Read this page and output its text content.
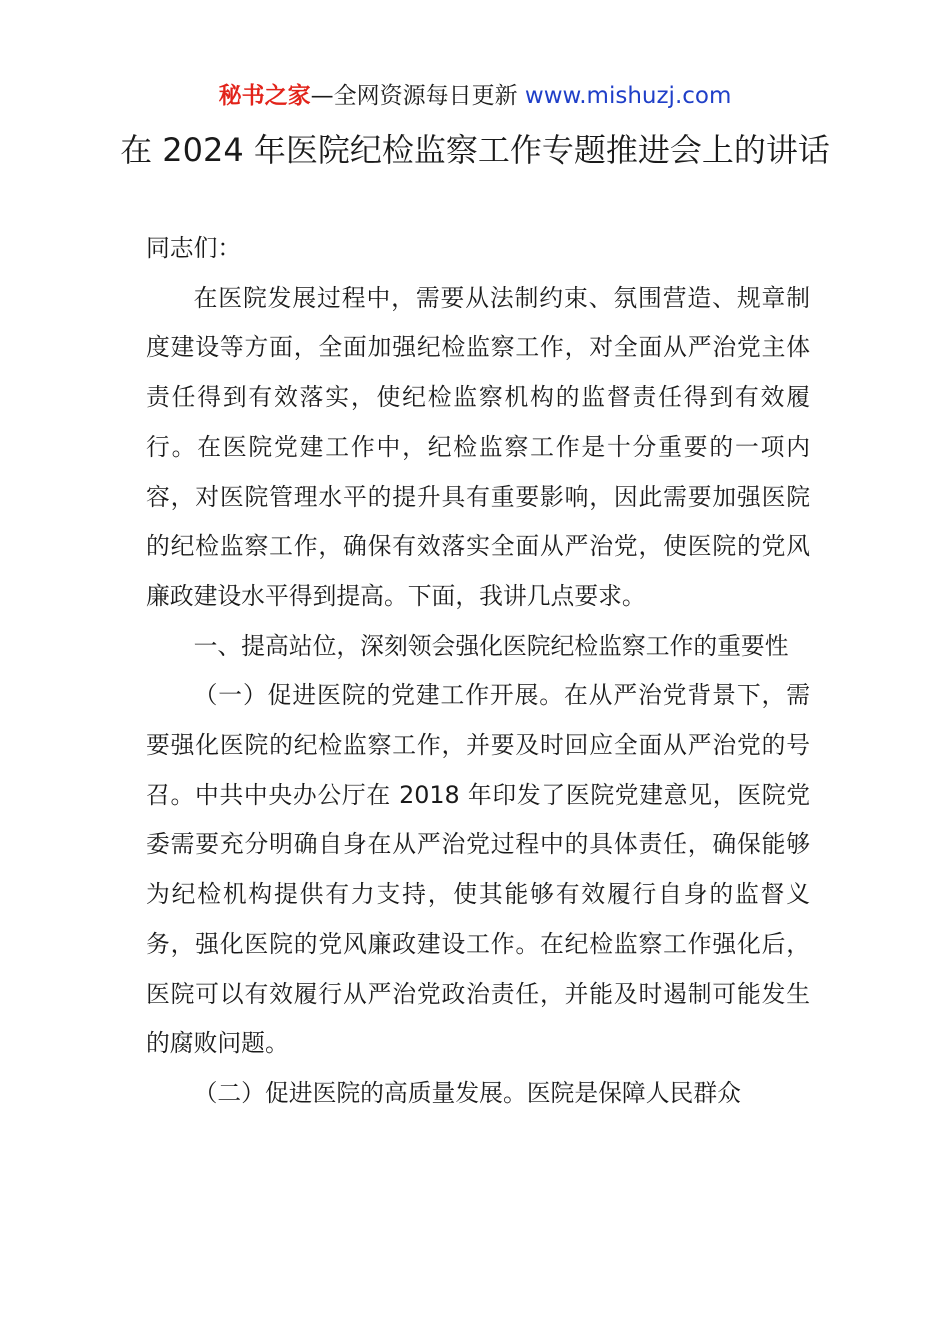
秘书之家—全网资源每日更新 www.mishuzj.com
在 2024 年医院纪检监察工作专题推进会上的讲话

同志们：

在医院发展过程中，需要从法制约束、氛围营造、规章制度建设等方面，全面加强纪检监察工作，对全面从严治党主体责任得到有效落实，使纪检监察机构的监督责任得到有效履行。在医院党建工作中，纪检监察工作是十分重要的一项内容，对医院管理水平的提升具有重要影响，因此需要加强医院的纪检监察工作，确保有效落实全面从严治党，使医院的党风廉政建设水平得到提高。下面，我讲几点要求。

一、提高站位，深刻领会强化医院纪检监察工作的重要性

（一）促进医院的党建工作开展。在从严治党背景下，需要强化医院的纪检监察工作，并要及时回应全面从严治党的号召。中共中央办公厅在 2018 年印发了医院党建意见，医院党委需要充分明确自身在从严治党过程中的具体责任，确保能够为纪检机构提供有力支持，使其能够有效履行自身的监督义务，强化医院的党风廉政建设工作。在纪检监察工作强化后，医院可以有效履行从严治党政治责任，并能及时遏制可能发生的腐败问题。

（二）促进医院的高质量发展。医院是保障人民群众
